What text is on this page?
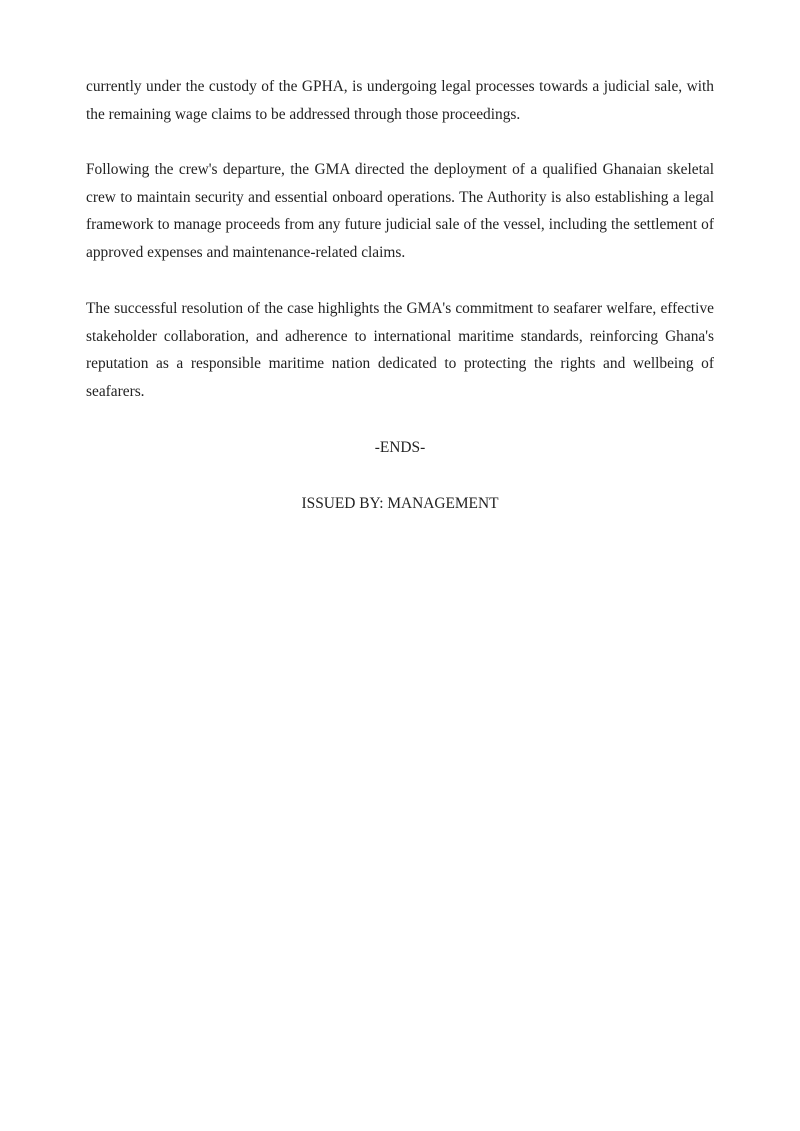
currently under the custody of the GPHA, is undergoing legal processes towards a judicial sale, with the remaining wage claims to be addressed through those proceedings.

Following the crew's departure, the GMA directed the deployment of a qualified Ghanaian skeletal crew to maintain security and essential onboard operations. The Authority is also establishing a legal framework to manage proceeds from any future judicial sale of the vessel, including the settlement of approved expenses and maintenance-related claims.

The successful resolution of the case highlights the GMA's commitment to seafarer welfare, effective stakeholder collaboration, and adherence to international maritime standards, reinforcing Ghana's reputation as a responsible maritime nation dedicated to protecting the rights and wellbeing of seafarers.

-ENDS-

ISSUED BY: MANAGEMENT
